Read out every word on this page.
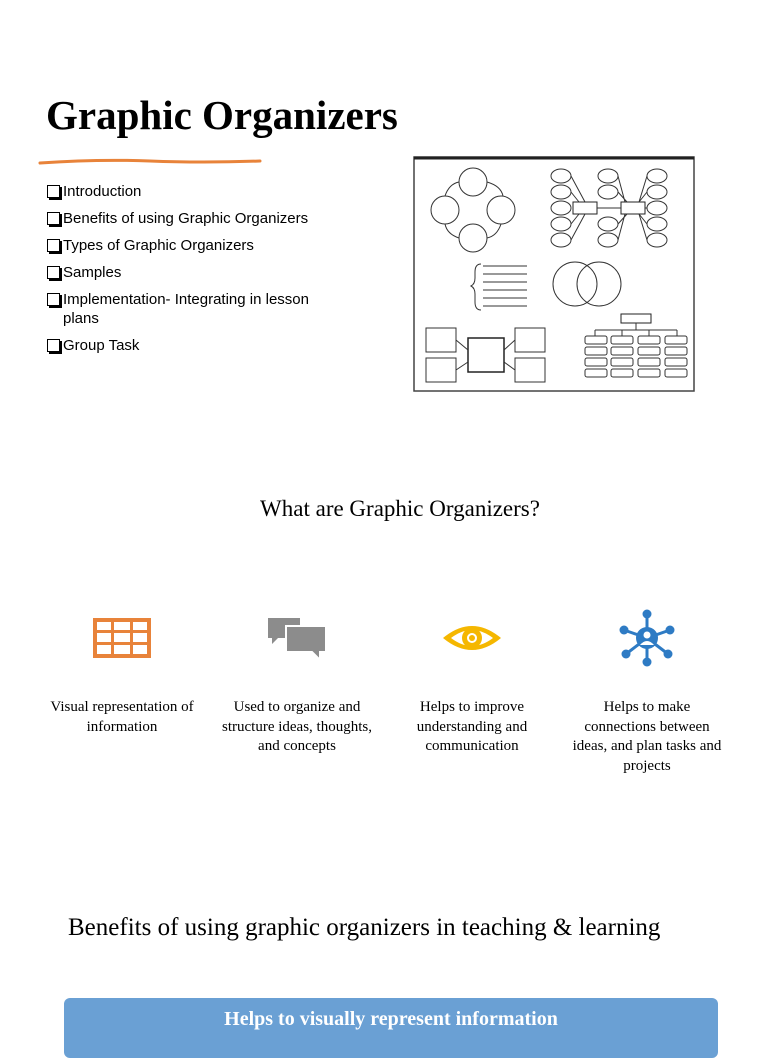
Graphic Organizers
Introduction
Benefits of using Graphic Organizers
Types of Graphic Organizers
Samples
Implementation- Integrating in lesson plans
Group Task
What are Graphic Organizers?
Visual representation of information
Used to organize and structure ideas, thoughts, and concepts
Helps to improve understanding and communication
Helps to make connections between ideas, and plan tasks and projects
Benefits of using graphic organizers in teaching & learning
Helps to visually represent information
